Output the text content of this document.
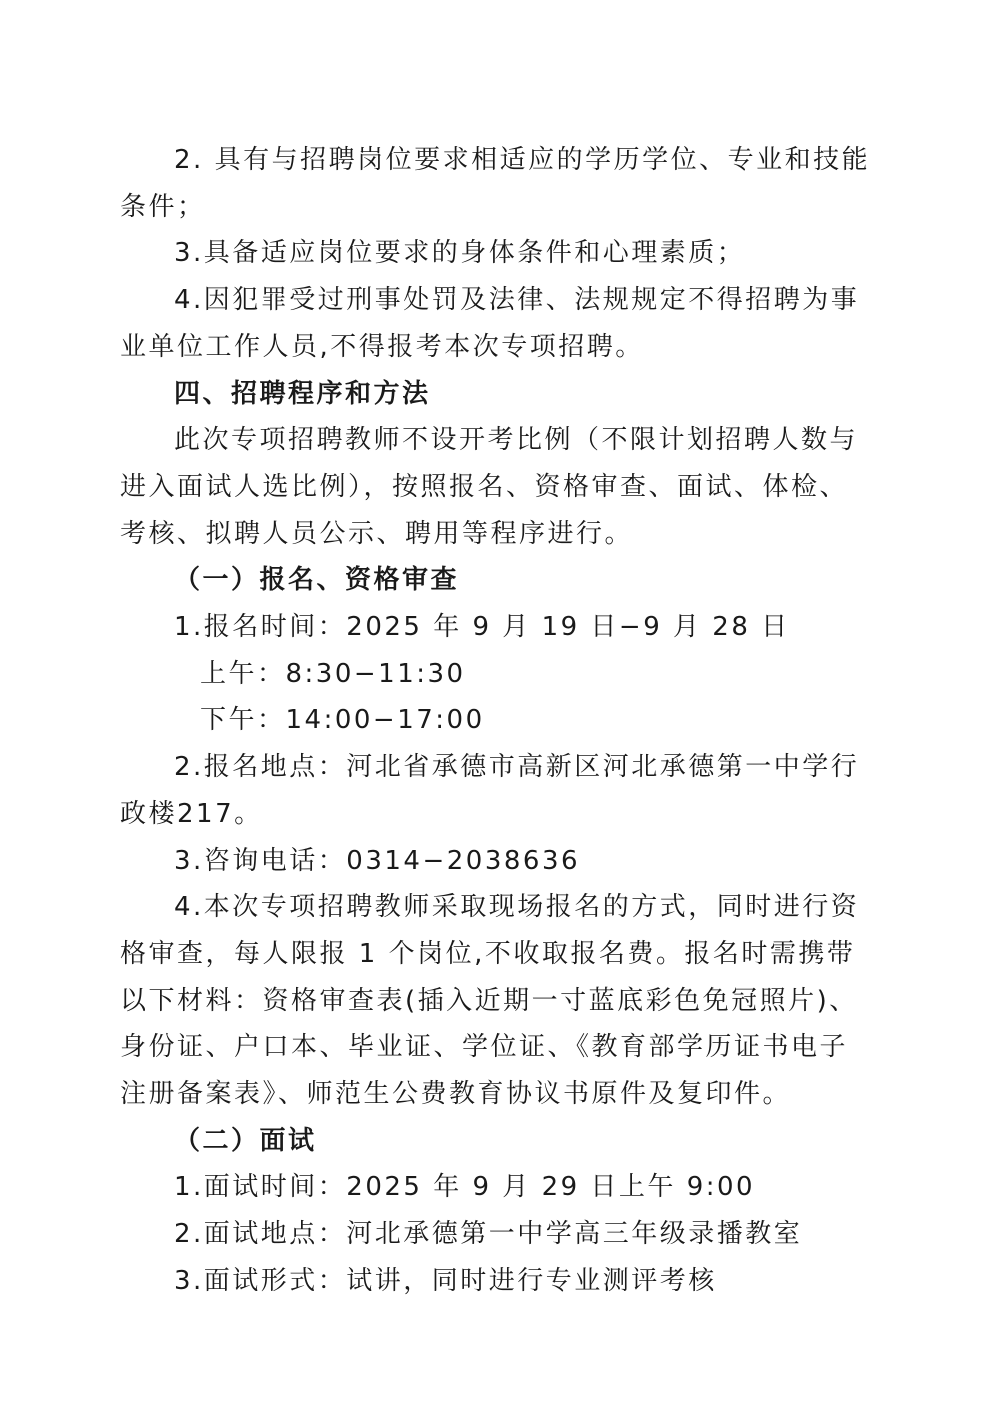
2. 具有与招聘岗位要求相适应的学历学位、专业和技能条件；

3.具备适应岗位要求的身体条件和心理素质；

4.因犯罪受过刑事处罚及法律、法规规定不得招聘为事业单位工作人员,不得报考本次专项招聘。

四、招聘程序和方法

此次专项招聘教师不设开考比例（不限计划招聘人数与进入面试人选比例），按照报名、资格审查、面试、体检、考核、拟聘人员公示、聘用等程序进行。

（一）报名、资格审查

1.报名时间：2025 年 9 月 19 日−9 月 28 日

上午：8:30−11:30

下午：14:00−17:00

2.报名地点：河北省承德市高新区河北承德第一中学行政楼217。

3.咨询电话：0314−2038636

4.本次专项招聘教师采取现场报名的方式，同时进行资格审查，每人限报 1 个岗位,不收取报名费。报名时需携带以下材料：资格审查表(插入近期一寸蓝底彩色免冠照片)、身份证、户口本、毕业证、学位证、《教育部学历证书电子注册备案表》、师范生公费教育协议书原件及复印件。

（二）面试

1.面试时间：2025 年 9 月 29 日上午 9:00

2.面试地点：河北承德第一中学高三年级录播教室

3.面试形式：试讲，同时进行专业测评考核
